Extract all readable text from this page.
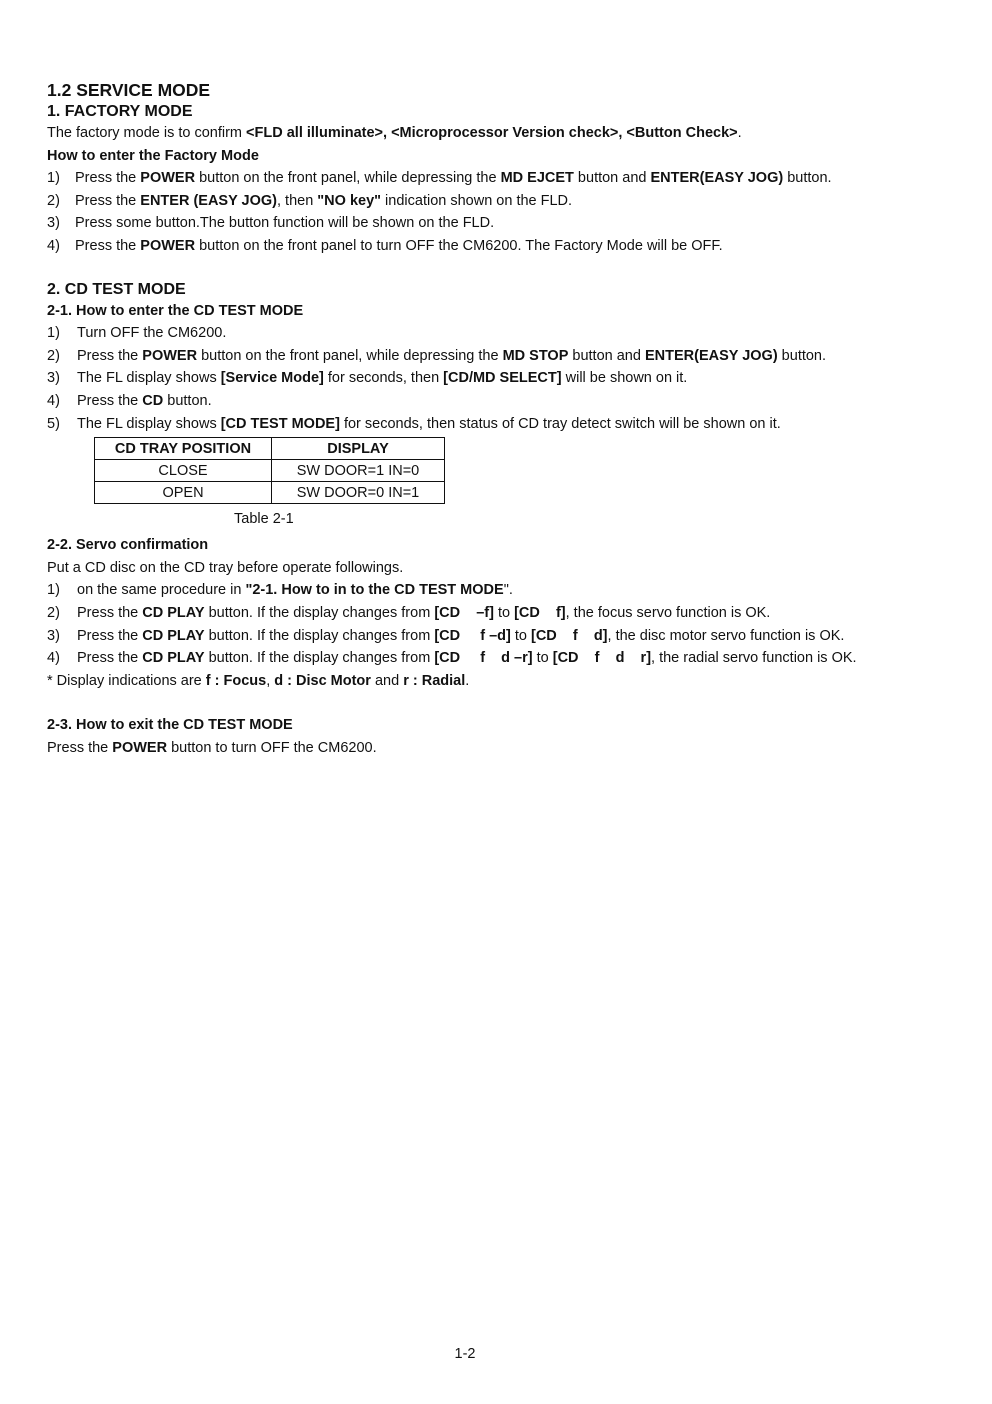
1.2 SERVICE MODE
1. FACTORY MODE
The factory mode is to confirm <FLD all illuminate>, <Microprocessor Version check>, <Button Check>.
How to enter the Factory Mode
1) Press the POWER button on the front panel, while depressing the MD EJCET button and ENTER(EASY JOG) button.
2) Press the ENTER (EASY JOG), then "NO key" indication shown on the FLD.
3) Press some button.The button function will be shown on the FLD.
4) Press the POWER button on the front panel to turn OFF the CM6200. The Factory Mode will be OFF.
2. CD TEST MODE
2-1. How to enter the CD TEST MODE
1) Turn OFF the CM6200.
2) Press the POWER button on the front panel, while depressing the MD STOP button and ENTER(EASY JOG) button.
3) The FL display shows [Service Mode] for seconds, then [CD/MD SELECT] will be shown on it.
4) Press the CD button.
5) The FL display shows [CD TEST MODE] for seconds, then status of CD tray detect switch will be shown on it.
CD TRAY POSITION	DISPLAY
CLOSE	SW DOOR=1 IN=0
OPEN	SW DOOR=0 IN=1
Table 2-1
2-2. Servo confirmation
Put a CD disc on the CD tray before operate followings.
1) on the same procedure in "2-1. How to in to the CD TEST MODE".
2) Press the CD PLAY button. If the display changes from [CD    –f] to [CD    f], the focus servo function is OK.
3) Press the CD PLAY button. If the display changes from [CD     f –d] to [CD    f    d], the disc motor servo function is OK.
4) Press the CD PLAY button. If the display changes from [CD     f    d –r] to [CD    f    d    r], the radial servo function is OK.
* Display indications are f : Focus, d : Disc Motor and r : Radial.
2-3. How to exit the CD TEST MODE
Press the POWER button to turn OFF the CM6200.
1-2
